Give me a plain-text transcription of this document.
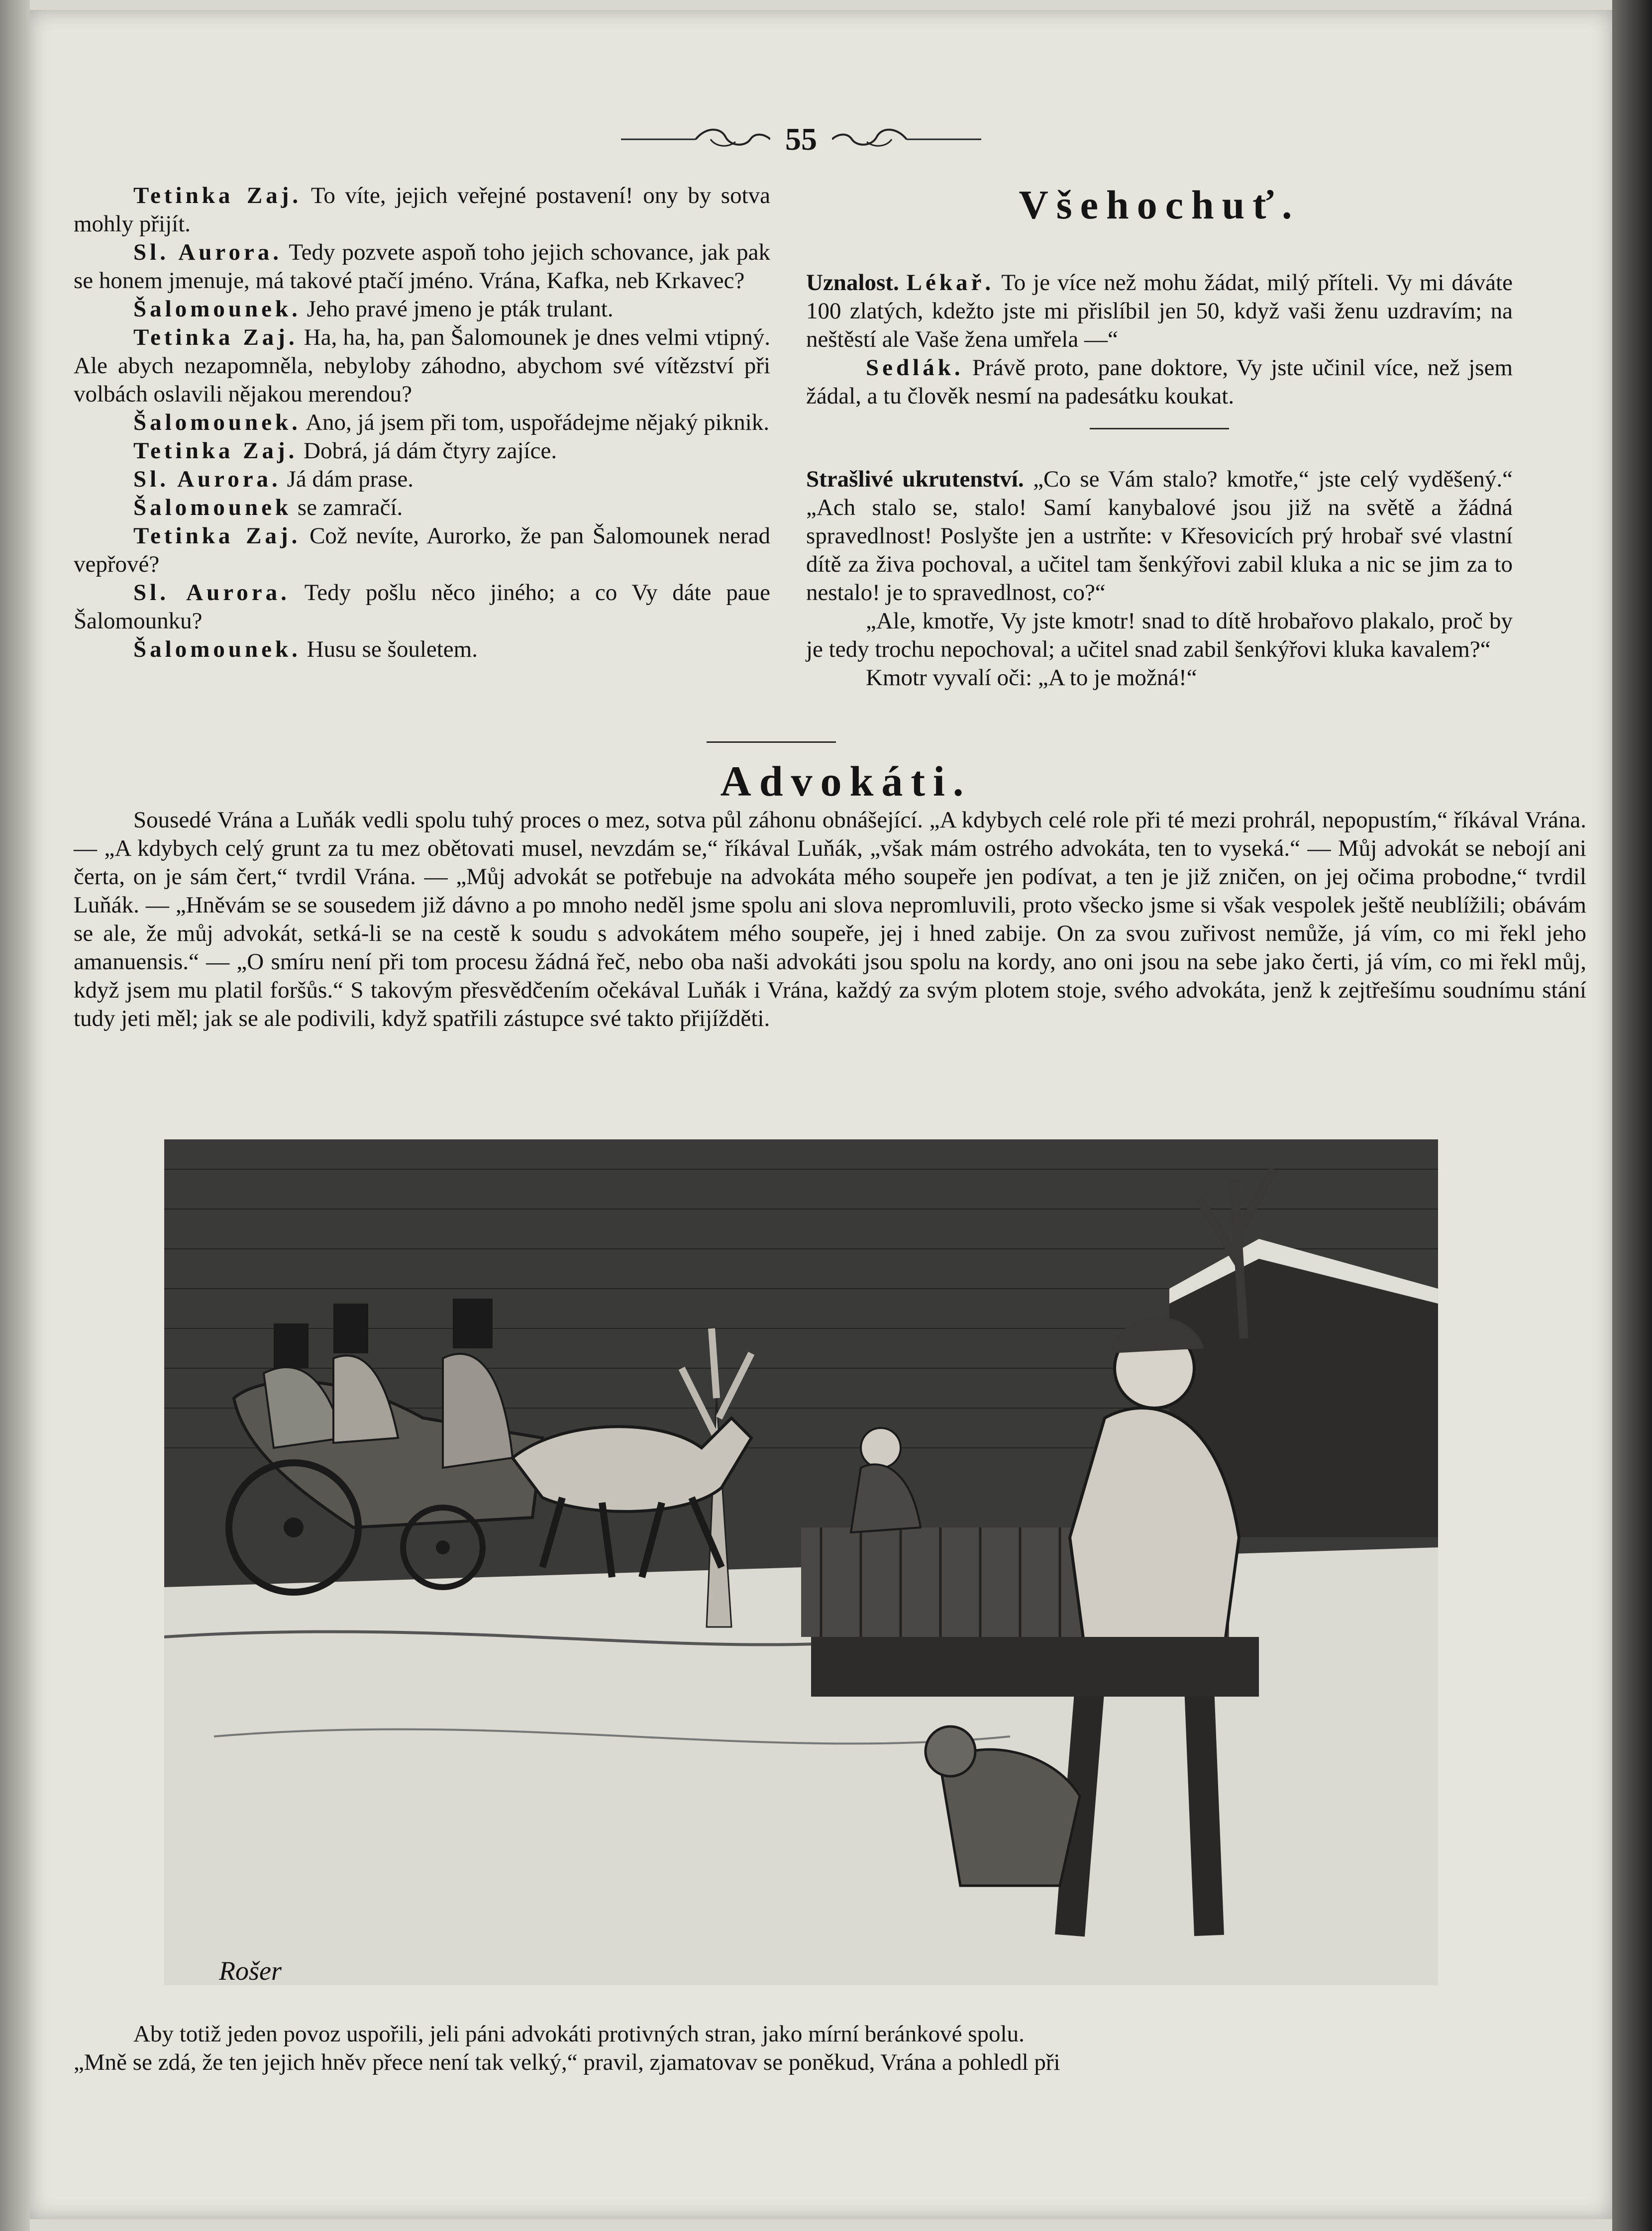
55

Tetinka Zaj. To víte, jejich veřejné postavení! ony by sotva mohly přijít.

Sl. Aurora. Tedy pozvete aspoň toho jejich schovance, jak pak se honem jmenuje, má takové ptačí jméno. Vrána, Kafka, neb Krkavec?

Šalomounek. Jeho pravé jmeno je pták trulant.

Tetinka Zaj. Ha, ha, ha, pan Šalomounek je dnes velmi vtipný. Ale abych nezapomněla, nebyloby záhodno, abychom své vítězství při volbách oslavili nějakou merendou?

Šalomounek. Ano, já jsem při tom, uspořádejme nějaký piknik.

Tetinka Zaj. Dobrá, já dám čtyry zajíce.

Sl. Aurora. Já dám prase.

Šalomounek se zamračí.

Tetinka Zaj. Což nevíte, Aurorko, že pan Šalomounek nerad vepřové?

Sl. Aurora. Tedy pošlu něco jiného; a co Vy dáte paue Šalomounku?

Šalomounek. Husu se šouletem.

Všehochuť.

Uznalost. Lékař. To je více než mohu žádat, milý příteli. Vy mi dáváte 100 zlatých, kdežto jste mi přislíbil jen 50, když vaši ženu uzdravím; na neštěstí ale Vaše žena umřela —“

Sedlák. Právě proto, pane doktore, Vy jste učinil více, než jsem žádal, a tu člověk nesmí na padesátku koukat.

Strašlivé ukrutenství. „Co se Vám stalo? kmotře,“ jste celý vyděšený.“ „Ach stalo se, stalo! Samí kanybalové jsou již na světě a žádná spravedlnost! Poslyšte jen a ustrňte: v Křesovicích prý hrobař své vlastní dítě za živa pochoval, a učitel tam šenkýřovi zabil kluka a nic se jim za to nestalo! je to spravedlnost, co?“

„Ale, kmotře, Vy jste kmotr! snad to dítě hrobařovo plakalo, proč by je tedy trochu nepochoval; a učitel snad zabil šenkýřovi kluka kavalem?“

Kmotr vyvalí oči: „A to je možná!“

Advokáti.

Sousedé Vrána a Luňák vedli spolu tuhý proces o mez, sotva půl záhonu obnášející. „A kdybych celé role při té mezi prohrál, nepopustím,“ říkával Vrána. — „A kdybych celý grunt za tu mez obětovati musel, nevzdám se,“ říkával Luňák, „však mám ostrého advokáta, ten to vyseká.“ — Můj advokát se nebojí ani čerta, on je sám čert,“ tvrdil Vrána. — „Můj advokát se potřebuje na advokáta mého soupeře jen podívat, a ten je již zničen, on jej očima probodne,“ tvrdil Luňák. — „Hněvám se se sousedem již dávno a po mnoho neděl jsme spolu ani slova nepromluvili, proto všecko jsme si však vespolek ještě neublížili; obávám se ale, že můj advokát, setká-li se na cestě k soudu s advokátem mého soupeře, jej i hned zabije. On za svou zuřivost nemůže, já vím, co mi řekl jeho amanuensis.“ — „O smíru není při tom procesu žádná řeč, nebo oba naši advokáti jsou spolu na kordy, ano oni jsou na sebe jako čerti, já vím, co mi řekl můj, když jsem mu platil foršůs.“ S takovým přesvědčením očekával Luňák i Vrána, každý za svým plotem stoje, svého advokáta, jenž k zejtřešímu soudnímu stání tudy jeti měl; jak se ale podivili, když spatřili zástupce své takto přijížděti.

Rošer

Aby totiž jeden povoz uspořili, jeli páni advokáti protivných stran, jako mírní beránkové spolu.

„Mně se zdá, že ten jejich hněv přece není tak velký,“ pravil, zjamatovav se poněkud, Vrána a pohledl při
